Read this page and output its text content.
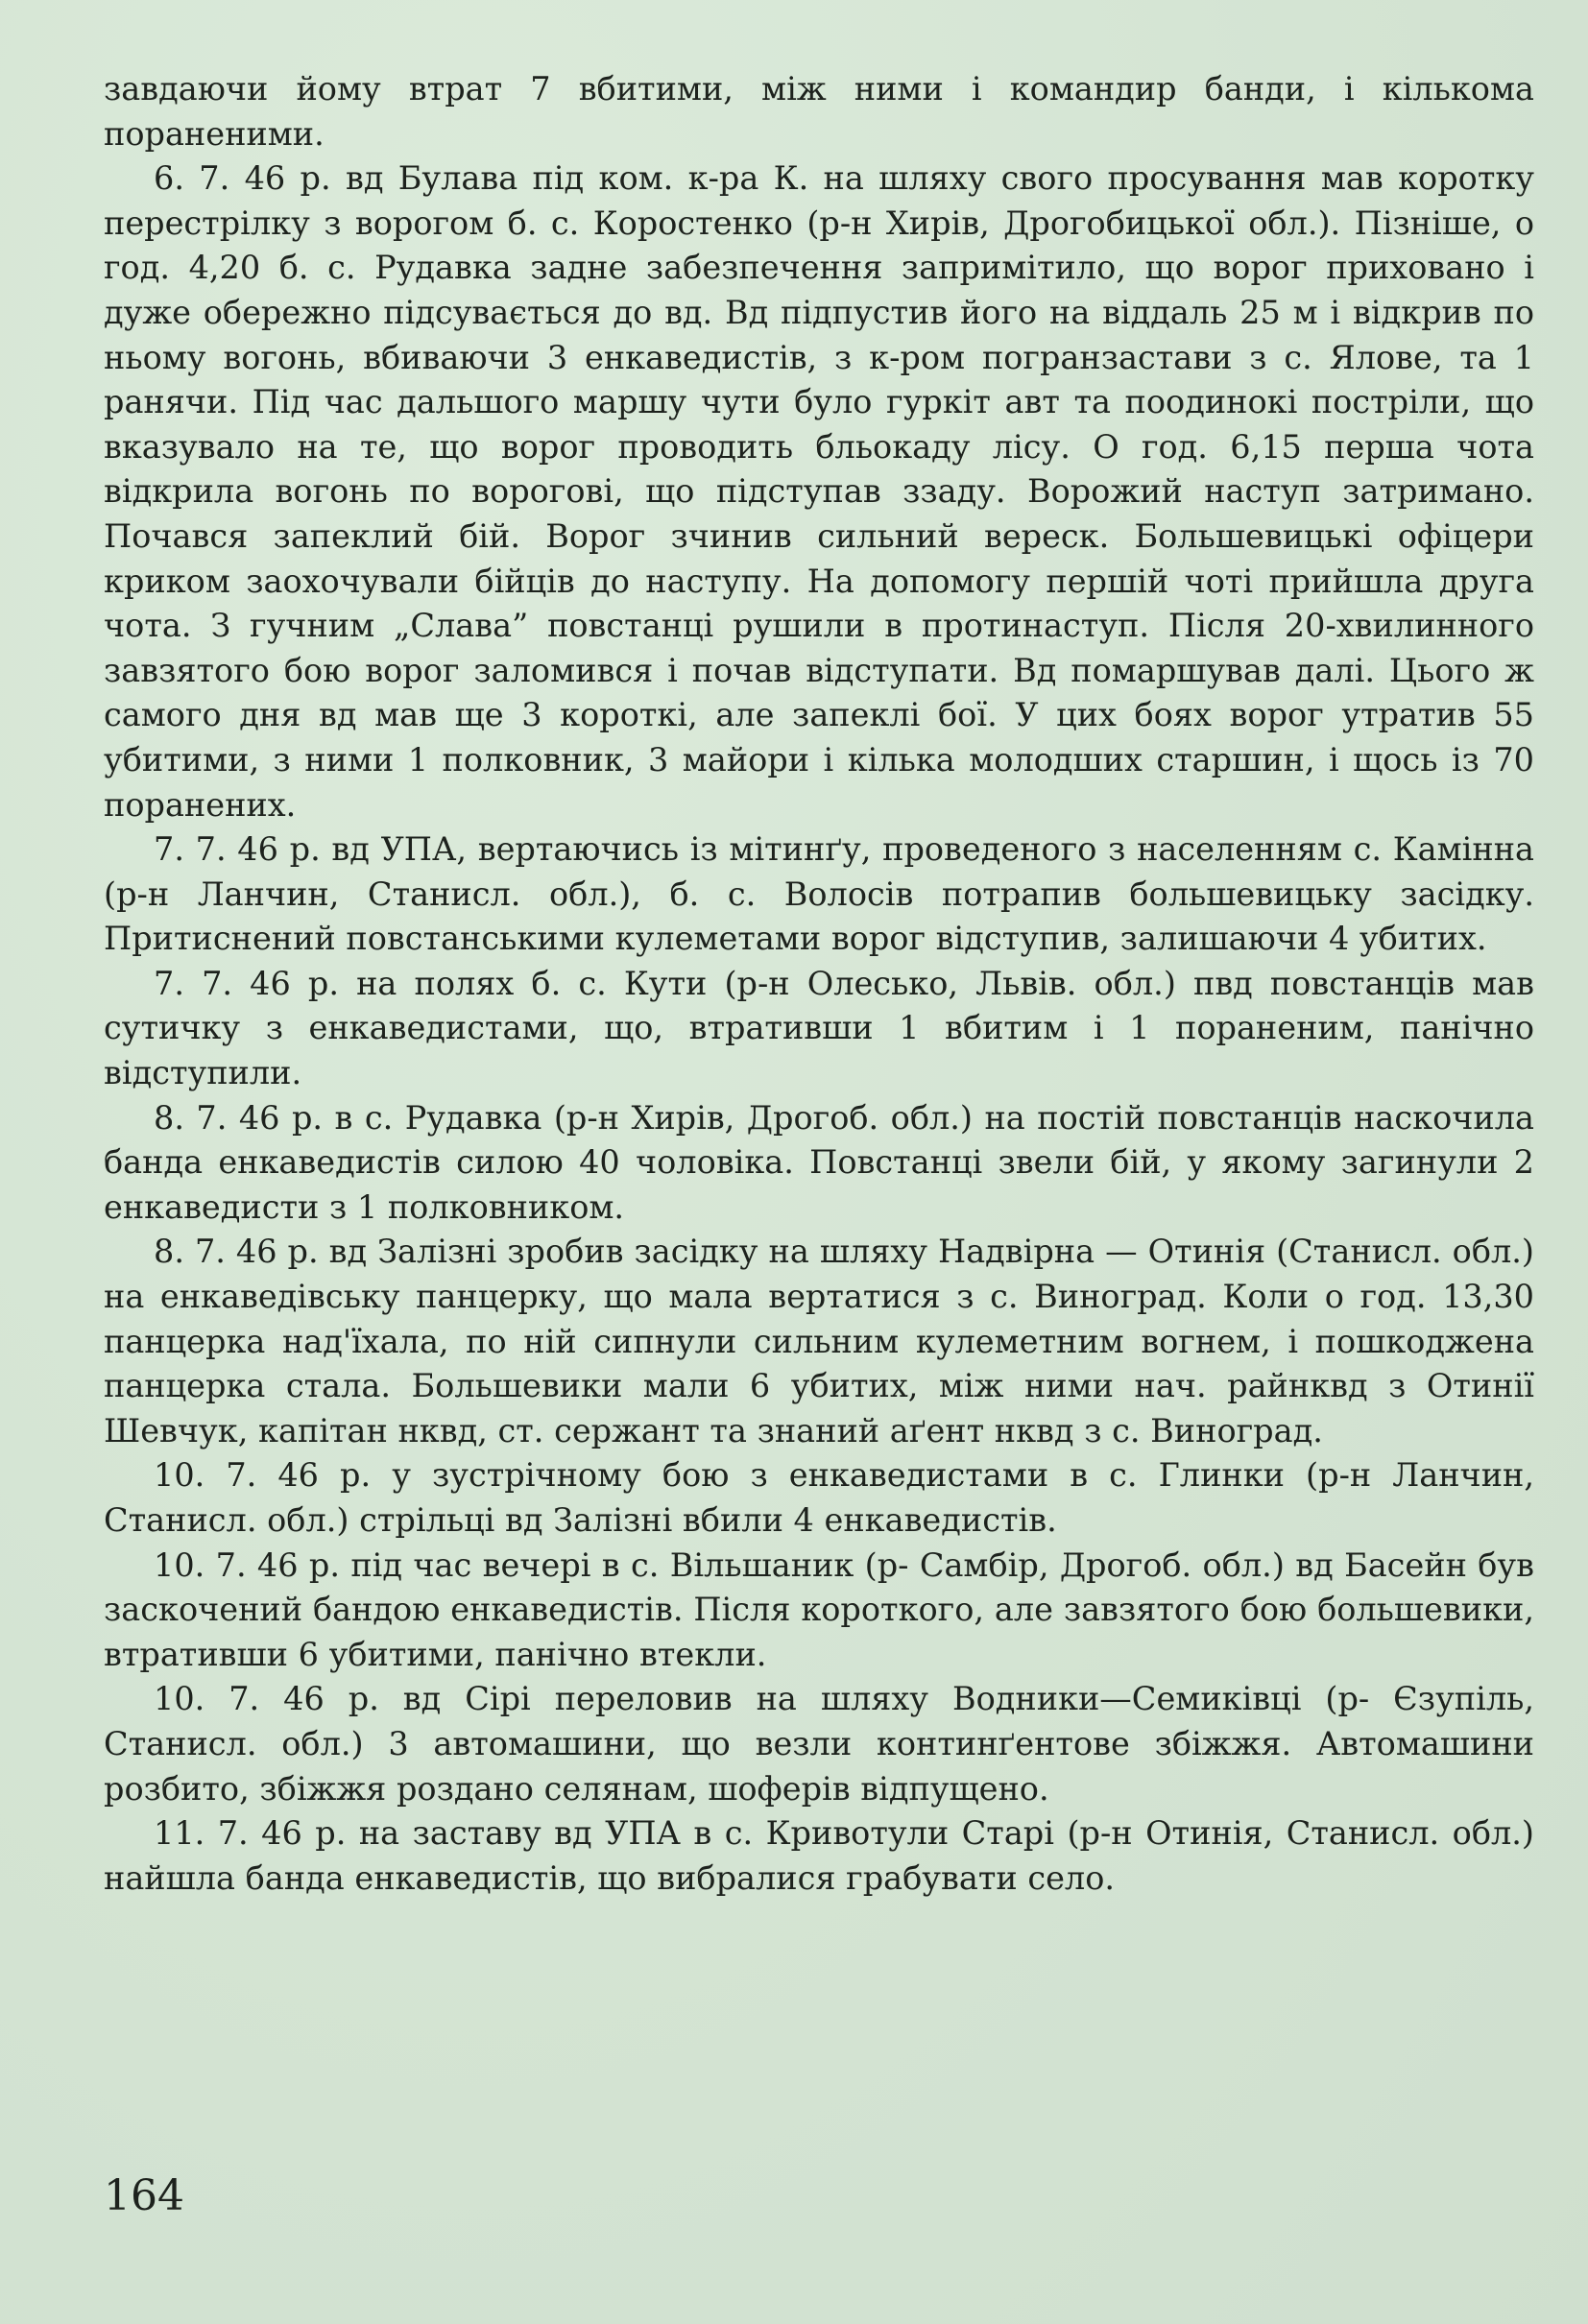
завдаючи йому втрат 7 вбитими, між ними і командир банди, і кількома пораненими.

6. 7. 46 р. вд Булава під ком. к-ра К. на шляху свого просування мав коротку перестрілку з ворогом б. с. Коростенко (р-н Хирів, Дрогобицької обл.). Пізніше, о год. 4,20 б. с. Рудавка задне забезпечення запримітило, що ворог приховано і дуже обережно підсувається до вд. Вд підпустив його на віддаль 25 м і відкрив по ньому вогонь, вбиваючи 3 енкаведистів, з к-ром погранзастави з с. Ялове, та 1 ранячи. Під час дальшого маршу чути було гуркіт авт та поодинокі постріли, що вказувало на те, що ворог проводить бльокаду лісу. О год. 6,15 перша чота відкрила вогонь по ворогові, що підступав ззаду. Ворожий наступ затримано. Почався запеклий бій. Ворог зчинив сильний вереск. Большевицькі офіцери криком заохочували бійців до наступу. На допомогу першій чоті прийшла друга чота. З гучним „Слава” повстанці рушили в протинаступ. Після 20-хвилинного завзятого бою ворог заломився і почав відступати. Вд помаршував далі. Цього ж самого дня вд мав ще 3 короткі, але запеклі бої. У цих боях ворог утратив 55 убитими, з ними 1 полковник, 3 майори і кілька молодших старшин, і щось із 70 поранених.

7. 7. 46 р. вд УПА, вертаючись із мітинґу, проведеного з населенням с. Камінна (р-н Ланчин, Станисл. обл.), б. с. Волосів потрапив большевицьку засідку. Притиснений повстанськими кулеметами ворог відступив, залишаючи 4 убитих.

7. 7. 46 р. на полях б. с. Кути (р-н Олесько, Львів. обл.) пвд повстанців мав сутичку з енкаведистами, що, втративши 1 вбитим і 1 пораненим, панічно відступили.

8. 7. 46 р. в с. Рудавка (р-н Хирів, Дрогоб. обл.) на постій повстанців наскочила банда енкаведистів силою 40 чоловіка. Повстанці звели бій, у якому загинули 2 енкаведисти з 1 полковником.

8. 7. 46 р. вд Залізні зробив засідку на шляху Надвірна — Отинія (Станисл. обл.) на енкаведівську панцерку, що мала вертатися з с. Виноград. Коли о год. 13,30 панцерка над'їхала, по ній сипнули сильним кулеметним вогнем, і пошкоджена панцерка стала. Большевики мали 6 убитих, між ними нач. райнквд з Отинії Шевчук, капітан нквд, ст. сержант та знаний аґент нквд з с. Виноград.

10. 7. 46 р. у зустрічному бою з енкаведистами в с. Глинки (р-н Ланчин, Станисл. обл.) стрільці вд Залізні вбили 4 енкаведистів.

10. 7. 46 р. під час вечері в с. Вільшаник (р- Самбір, Дрогоб. обл.) вд Басейн був заскочений бандою енкаведистів. Після короткого, але завзятого бою большевики, втративши 6 убитими, панічно втекли.

10. 7. 46 р. вд Сірі переловив на шляху Водники—Семиківці (р- Єзупіль, Станисл. обл.) 3 автомашини, що везли континґентове збіжжя. Автомашини розбито, збіжжя роздано селянам, шоферів відпущено.

11. 7. 46 р. на заставу вд УПА в с. Кривотули Старі (р-н Отинія, Станисл. обл.) найшла банда енкаведистів, що вибралися грабувати село.

164
